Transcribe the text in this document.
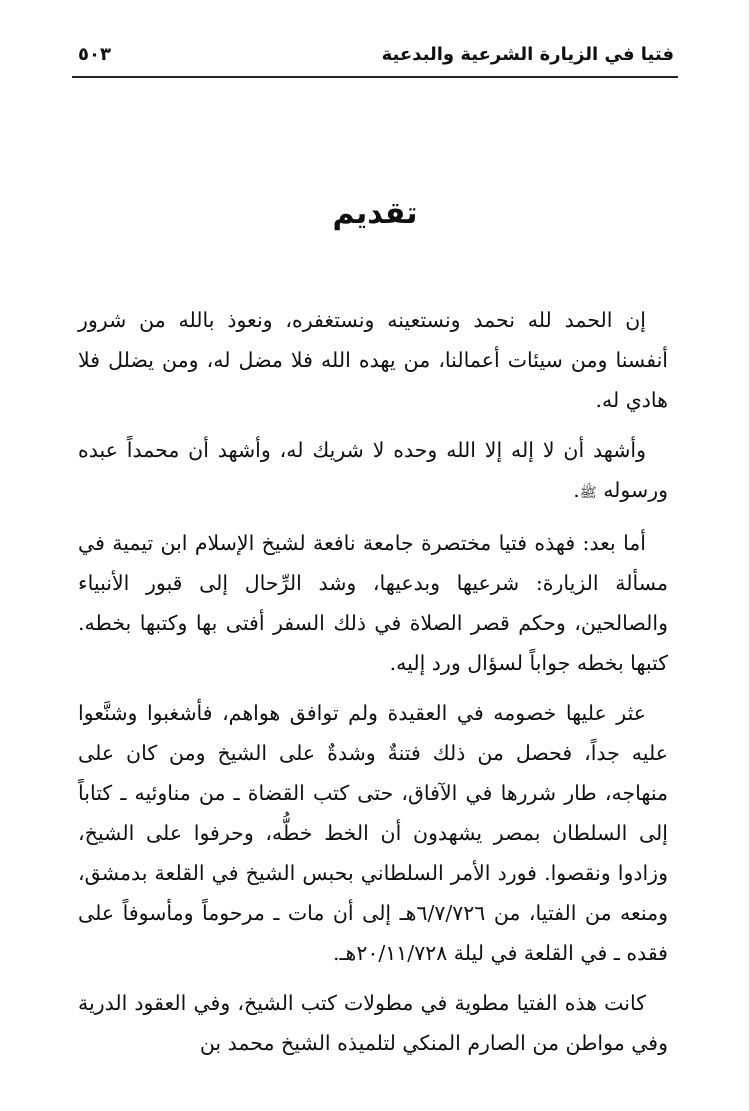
فتيا في الزيارة الشرعية والبدعية
٥٠٣
تقديم

إن الحمد لله نحمد ونستعينه ونستغفره، ونعوذ بالله من شرور أنفسنا ومن سيئات أعمالنا، من يهده الله فلا مضل له، ومن يضلل فلا هادي له.

وأشهد أن لا إله إلا الله وحده لا شريك له، وأشهد أن محمداً عبده ورسوله ﷺ.

أما بعد: فهذه فتيا مختصرة جامعة نافعة لشيخ الإسلام ابن تيمية في مسألة الزيارة: شرعيها وبدعيها، وشد الرِّحال إلى قبور الأنبياء والصالحين، وحكم قصر الصلاة في ذلك السفر أفتى بها وكتبها بخطه. كتبها بخطه جواباً لسؤال ورد إليه.

عثر عليها خصومه في العقيدة ولم توافق هواهم، فأشغبوا وشنَّعوا عليه جداً، فحصل من ذلك فتنةٌ وشدةٌ على الشيخ ومن كان على منهاجه، طار شررها في الآفاق، حتى كتب القضاة ـ من مناوئيه ـ كتاباً إلى السلطان بمصر يشهدون أن الخط خطُّه، وحرفوا على الشيخ، وزادوا ونقصوا. فورد الأمر السلطاني بحبس الشيخ في القلعة بدمشق، ومنعه من الفتيا، من ٦/٧/٧٢٦هـ إلى أن مات ـ مرحوماً ومأسوفاً على فقده ـ في القلعة في ليلة ٢٠/١١/٧٢٨هـ.

كانت هذه الفتيا مطوية في مطولات كتب الشيخ، وفي العقود الدرية وفي مواطن من الصارم المنكي لتلميذه الشيخ محمد بن
